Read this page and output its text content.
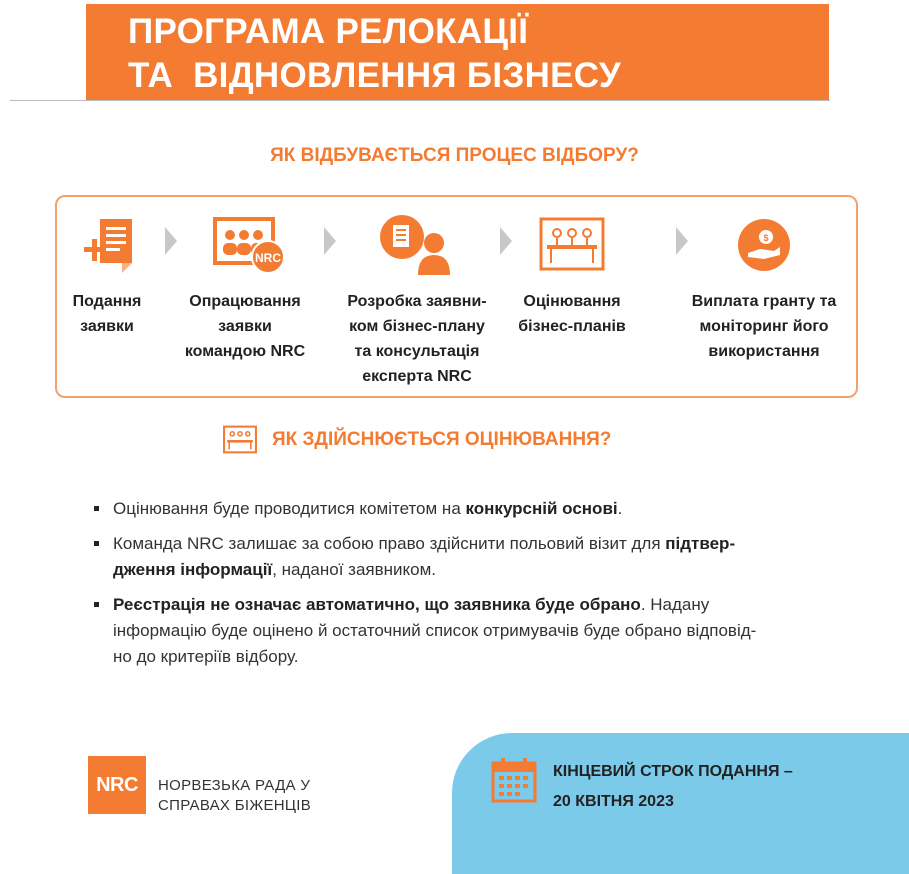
ПРОГРАМА РЕЛОКАЦІЇ
ТА  ВІДНОВЛЕННЯ БІЗНЕСУ
ЯК ВІДБУВАЄТЬСЯ ПРОЦЕС ВІДБОРУ?
Подання
заявки
NRC
Опрацювання
заявки
командою NRC
Розробка заявни-
ком бізнес-плану
та консультація
експерта NRC
Оцінювання
бізнес-планів
$
Виплата гранту та
моніторинг його
використання
ЯК ЗДІЙСНЮЄТЬСЯ ОЦІНЮВАННЯ?
Оцінювання буде проводитися комітетом на конкурсній основі.
Команда NRC залишає за собою право здійснити польовий візит для підтвер-
дження інформації, наданої заявником.
Реєстрація не означає автоматично, що заявника буде обрано. Надану
інформацію буде оцінено й остаточний список отримувачів буде обрано відповід-
но до критеріїв відбору.
NRC	НОРВЕЗЬКА РАДА У
СПРАВАХ БІЖЕНЦІВ
КІНЦЕВИЙ СТРОК ПОДАННЯ –
20 КВІТНЯ 2023
